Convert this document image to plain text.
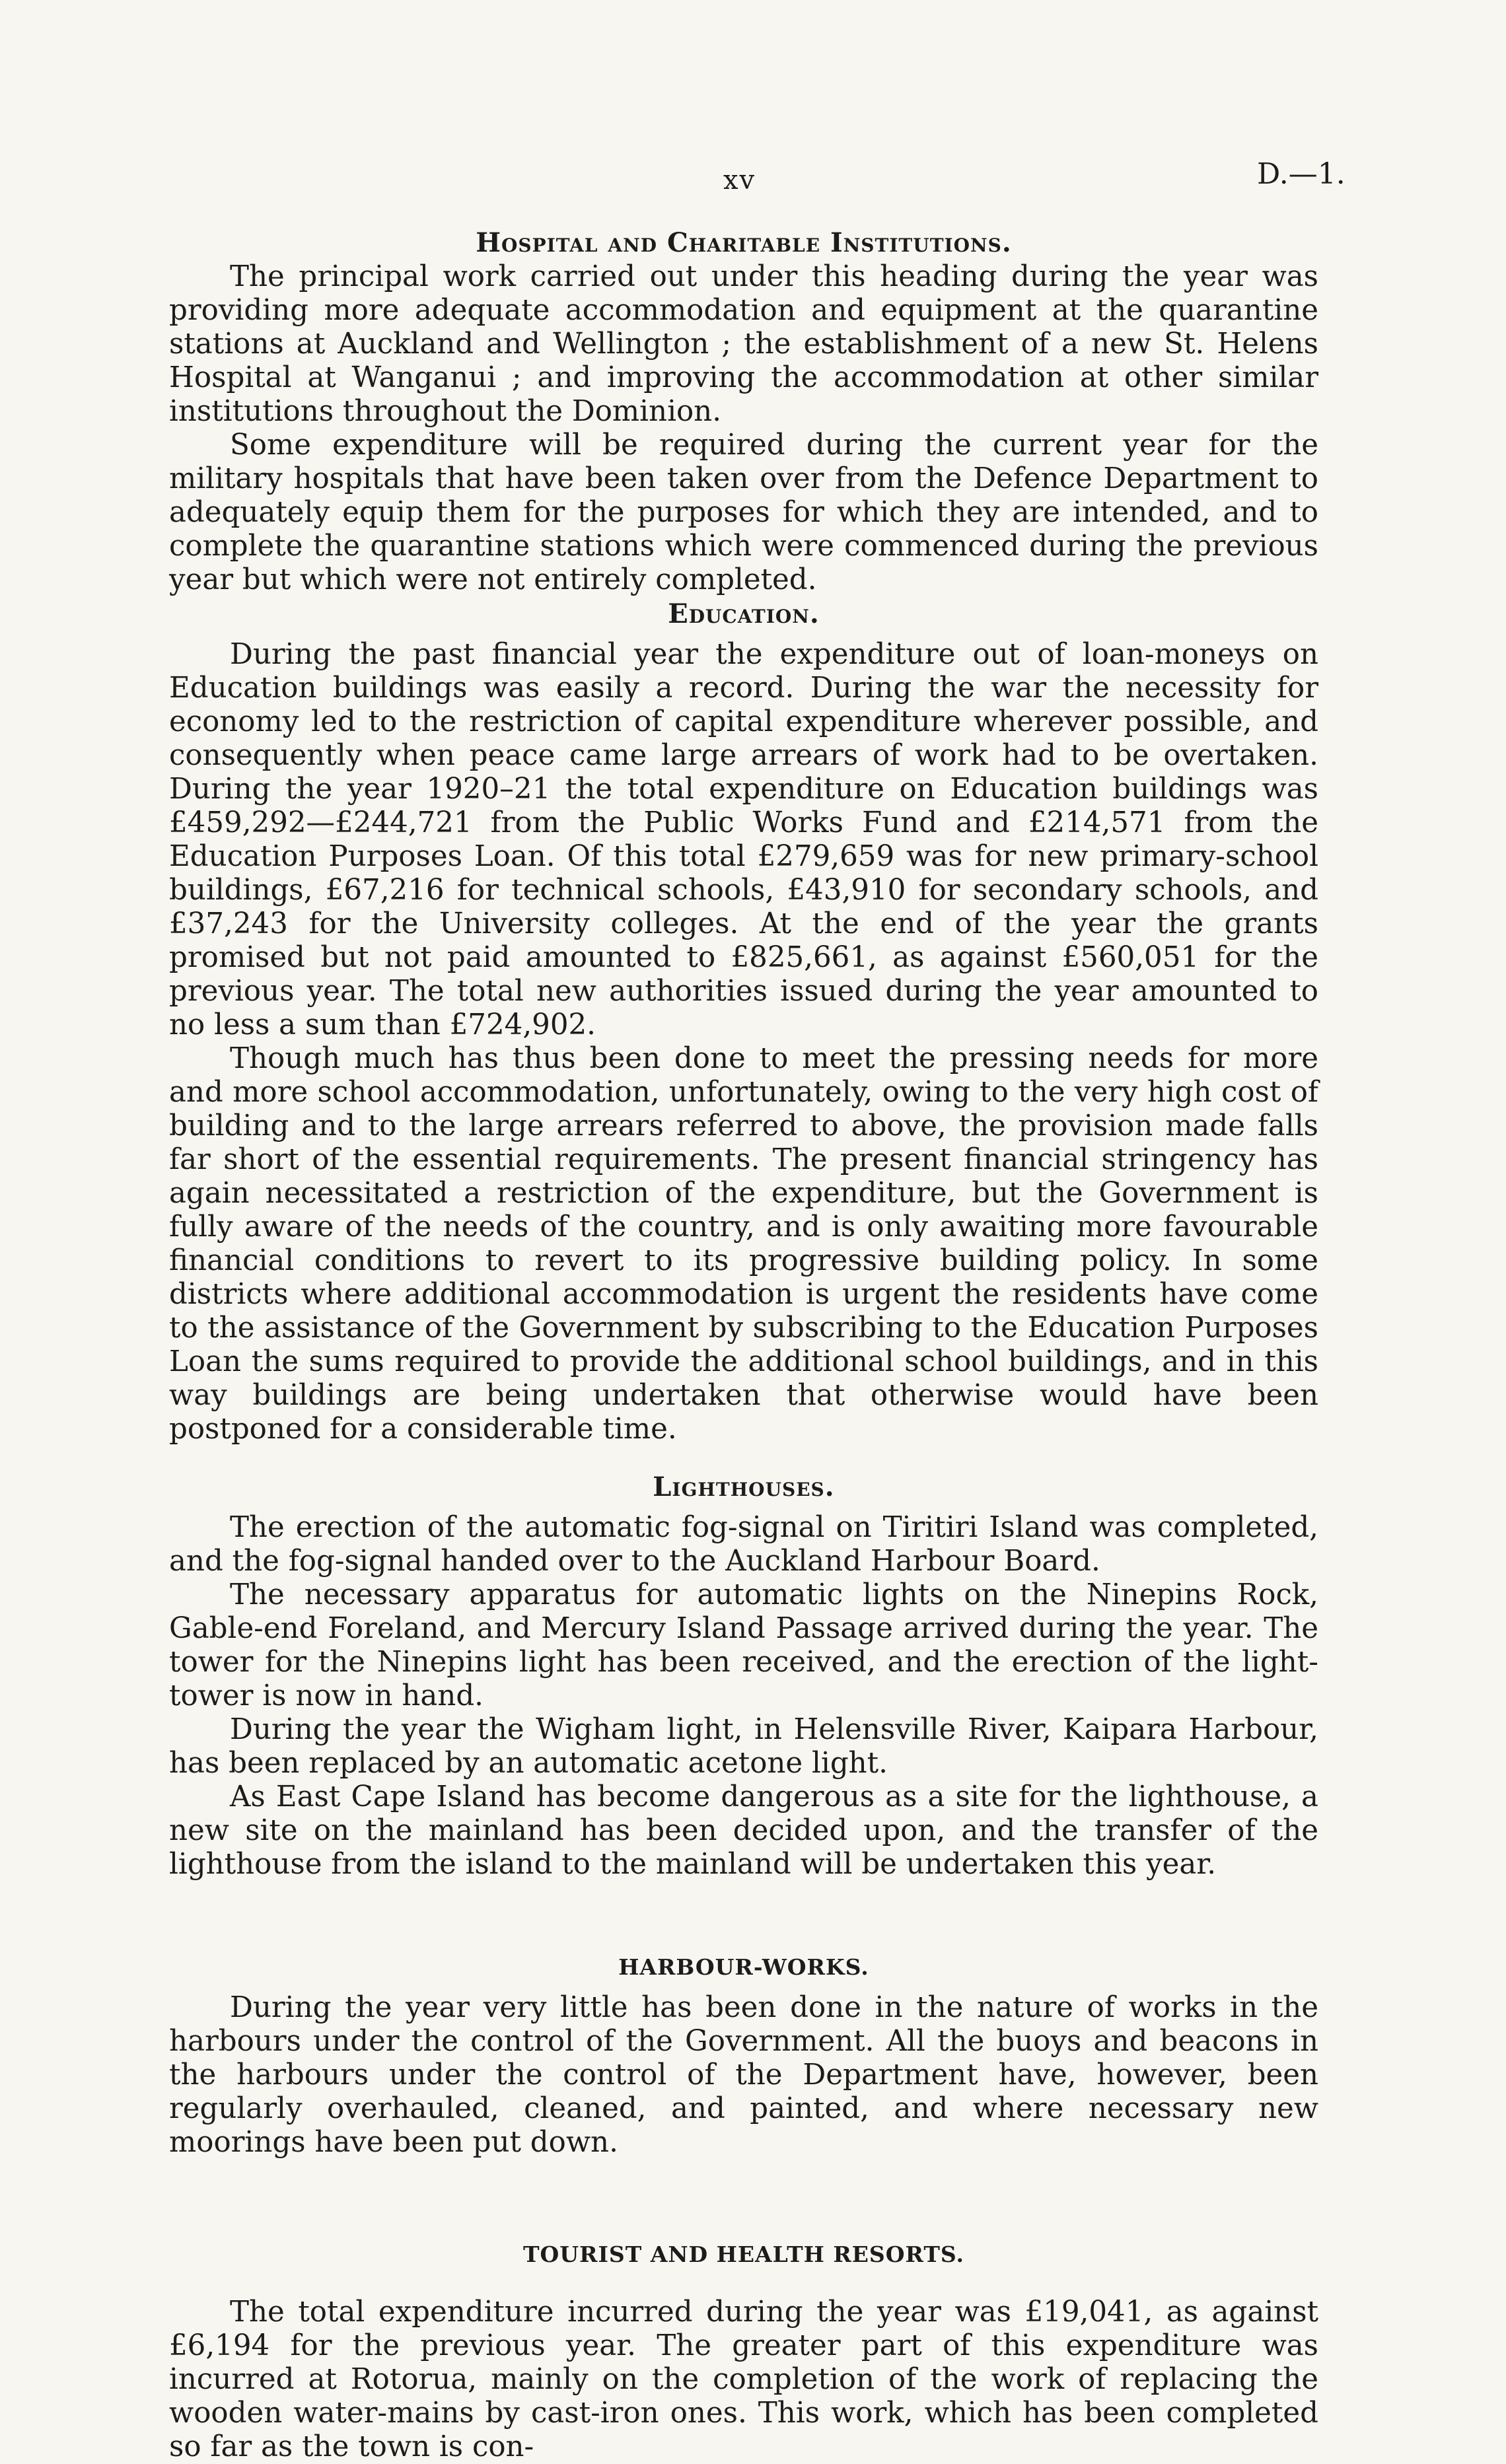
xv	D.—1.
Hospital and Charitable Institutions.

The principal work carried out under this heading during the year was providing more adequate accommodation and equipment at the quarantine stations at Auckland and Wellington ; the establishment of a new St. Helens Hospital at Wanganui ; and improving the accommodation at other similar institutions throughout the Dominion.

Some expenditure will be required during the current year for the military hospitals that have been taken over from the Defence Department to adequately equip them for the purposes for which they are intended, and to complete the quarantine stations which were commenced during the previous year but which were not entirely completed.

Education.

During the past financial year the expenditure out of loan-moneys on Education buildings was easily a record. During the war the necessity for economy led to the restriction of capital expenditure wherever possible, and consequently when peace came large arrears of work had to be overtaken. During the year 1920–21 the total expenditure on Education buildings was £459,292—£244,721 from the Public Works Fund and £214,571 from the Education Purposes Loan. Of this total £279,659 was for new primary-school buildings, £67,216 for technical schools, £43,910 for secondary schools, and £37,243 for the University colleges. At the end of the year the grants promised but not paid amounted to £825,661, as against £560,051 for the previous year. The total new authorities issued during the year amounted to no less a sum than £724,902.

Though much has thus been done to meet the pressing needs for more and more school accommodation, unfortunately, owing to the very high cost of building and to the large arrears referred to above, the provision made falls far short of the essential requirements. The present financial stringency has again necessitated a restriction of the expenditure, but the Government is fully aware of the needs of the country, and is only awaiting more favourable financial conditions to revert to its progressive building policy. In some districts where additional accommodation is urgent the residents have come to the assistance of the Government by subscribing to the Education Purposes Loan the sums required to provide the additional school buildings, and in this way buildings are being undertaken that otherwise would have been postponed for a considerable time.

Lighthouses.

The erection of the automatic fog-signal on Tiritiri Island was completed, and the fog-signal handed over to the Auckland Harbour Board.

The necessary apparatus for automatic lights on the Ninepins Rock, Gable-end Foreland, and Mercury Island Passage arrived during the year. The tower for the Ninepins light has been received, and the erection of the light-tower is now in hand.

During the year the Wigham light, in Helensville River, Kaipara Harbour, has been replaced by an automatic acetone light.

As East Cape Island has become dangerous as a site for the lighthouse, a new site on the mainland has been decided upon, and the transfer of the lighthouse from the island to the mainland will be undertaken this year.

HARBOUR-WORKS.

During the year very little has been done in the nature of works in the harbours under the control of the Government. All the buoys and beacons in the harbours under the control of the Department have, however, been regularly overhauled, cleaned, and painted, and where necessary new moorings have been put down.

TOURIST AND HEALTH RESORTS.

The total expenditure incurred during the year was £19,041, as against £6,194 for the previous year. The greater part of this expenditure was incurred at Rotorua, mainly on the completion of the work of replacing the wooden water-mains by cast-iron ones. This work, which has been completed so far as the town is con-
